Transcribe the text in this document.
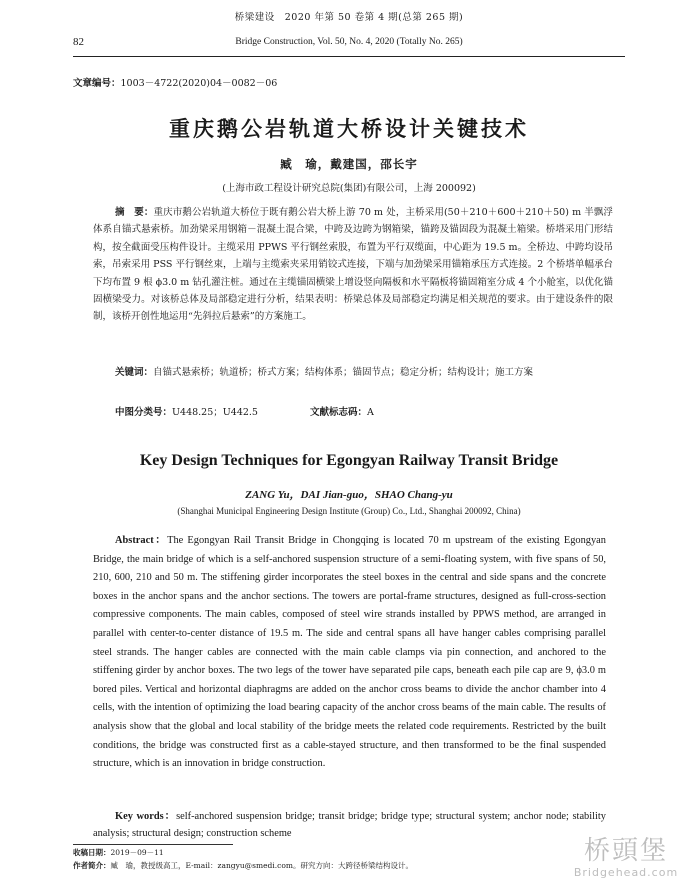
82
桥梁建设　2020 年第 50 卷第 4 期(总第 265 期)
Bridge Construction, Vol. 50, No. 4, 2020 (Totally No. 265)
文章编号：1003－4722(2020)04－0082－06
重庆鹅公岩轨道大桥设计关键技术
臧　瑜，戴建国，邵长宇
(上海市政工程设计研究总院(集团)有限公司，上海 200092)
摘　要：重庆市鹅公岩轨道大桥位于既有鹅公岩大桥上游 70 m 处，主桥采用(50＋210＋600＋210＋50) m 半飘浮体系自锚式悬索桥。加劲梁采用钢箱－混凝土混合梁，中跨及边跨为钢箱梁，锚跨及锚固段为混凝土箱梁。桥塔采用门形结构，按全截面受压构件设计。主缆采用 PPWS 平行钢丝索股，布置为平行双缆面，中心距为 19.5 m。全桥边、中跨均设吊索，吊索采用 PSS 平行钢丝束，上端与主缆索夹采用销铰式连接，下端与加劲梁采用锚箱承压方式连接。2 个桥塔单幅承台下均布置 9 根 ϕ3.0 m 钻孔灌注桩。通过在主缆锚固横梁上增设竖向隔板和水平隔板将锚固箱室分成 4 个小舱室，以优化锚固横梁受力。对该桥总体及局部稳定进行分析，结果表明：桥梁总体及局部稳定均满足相关规范的要求。由于建设条件的限制，该桥开创性地运用“先斜拉后悬索”的方案施工。
关键词：自锚式悬索桥；轨道桥；桥式方案；结构体系；锚固节点；稳定分析；结构设计；施工方案
中图分类号：U448.25；U442.5	文献标志码：A
Key Design Techniques for Egongyan Railway Transit Bridge
ZANG Yu，DAI Jian-guo，SHAO Chang-yu
(Shanghai Municipal Engineering Design Institute (Group) Co., Ltd., Shanghai 200092, China)
Abstract：The Egongyan Rail Transit Bridge in Chongqing is located 70 m upstream of the existing Egongyan Bridge, the main bridge of which is a self-anchored suspension structure of a semi-floating system, with five spans of 50, 210, 600, 210 and 50 m. The stiffening girder incorporates the steel boxes in the central and side spans and the concrete boxes in the anchor spans and the anchor sections. The towers are portal-frame structures, designed as full-cross-section compressive components. The main cables, composed of steel wire strands installed by PPWS method, are arranged in parallel with center-to-center distance of 19.5 m. The side and central spans all have hanger cables comprising parallel steel strands. The hanger cables are connected with the main cable clamps via pin connection, and anchored to the stiffening girder by anchor boxes. The two legs of the tower have separated pile caps, beneath each pile cap are 9, ϕ3.0 m bored piles. Vertical and horizontal diaphragms are added on the anchor cross beams to divide the anchor chamber into 4 cells, with the intention of optimizing the load bearing capacity of the anchor cross beams of the main cable. The results of analysis show that the global and local stability of the bridge meets the related code requirements. Restricted by the built conditions, the bridge was constructed first as a cable-stayed structure, and then transformed to be the final suspended structure, which is an innovation in bridge construction.
Key words：self-anchored suspension bridge; transit bridge; bridge type; structural system; anchor node; stability analysis; structural design; construction scheme
收稿日期：2019－09－11
作者简介：臧　瑜，教授级高工，E-mail：zangyu@smedi.com。研究方向：大跨径桥梁结构设计。	桥頭堡
Bridgehead.com
